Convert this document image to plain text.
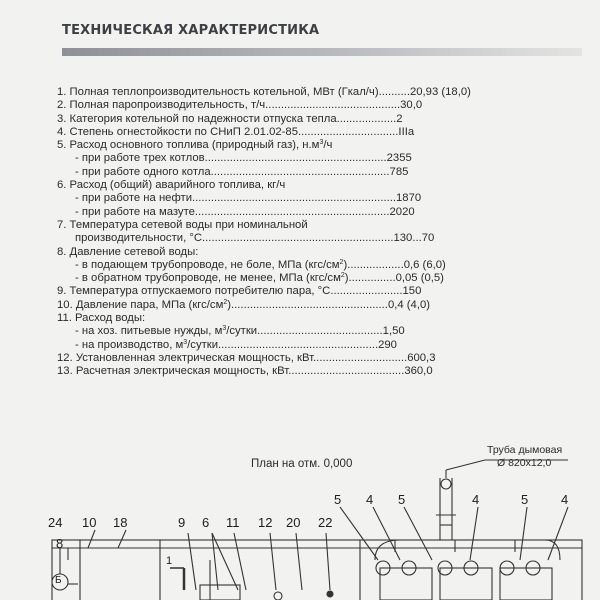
ТЕХНИЧЕСКАЯ ХАРАКТЕРИСТИКА
1. Полная теплопроизводительность котельной, МВт (Гкал/ч)..........20,93 (18,0)
2. Полная паропроизводительность, т/ч...........................................30,0
3. Категория котельной по надежности отпуска тепла...................2
4. Степень огнестойкости по СНиП 2.01.02-85................................IIIa
5. Расход основного топлива (природный газ), $н.м^3/ч$
- при работе трех котлов..........................................................2355
- при работе одного котла.........................................................785
6. Расход (общий) аварийного топлива, кг/ч
- при работе на нефти.................................................................1870
- при работе на мазуте..............................................................2020
7. Температура сетевой воды при номинальной
производительности, °С.............................................................130...70
8. Давление сетевой воды:
- в подающем трубопроводе, не боле, МПа $(кгс/см^2)..................0,6$ (6,0)
- в обратном трубопроводе, не менее, МПа $(кгс/см^2)...............0,05$ (0,5)
9. Температура отпускаемого потребителю пара, °С.......................150
10. Давление пара, МПа $(кгс/см^2)..................................................0,4$ (4,0)
11. Расход воды:
- на хоз. питьевые нужды, $м^3/сутки........................................1,50$
- на производство, $м^3/сутки...................................................290$
12. Установленная электрическая мощность, кВт..............................600,3
13. Расчетная электрическая мощность, кВт.....................................360,0
План на отм. 0,000
Труба дымовая
Ø 820х12,0
24 10 18	9 6 11 12 20 22
8
1
Б
5 4 5	4	5	4
